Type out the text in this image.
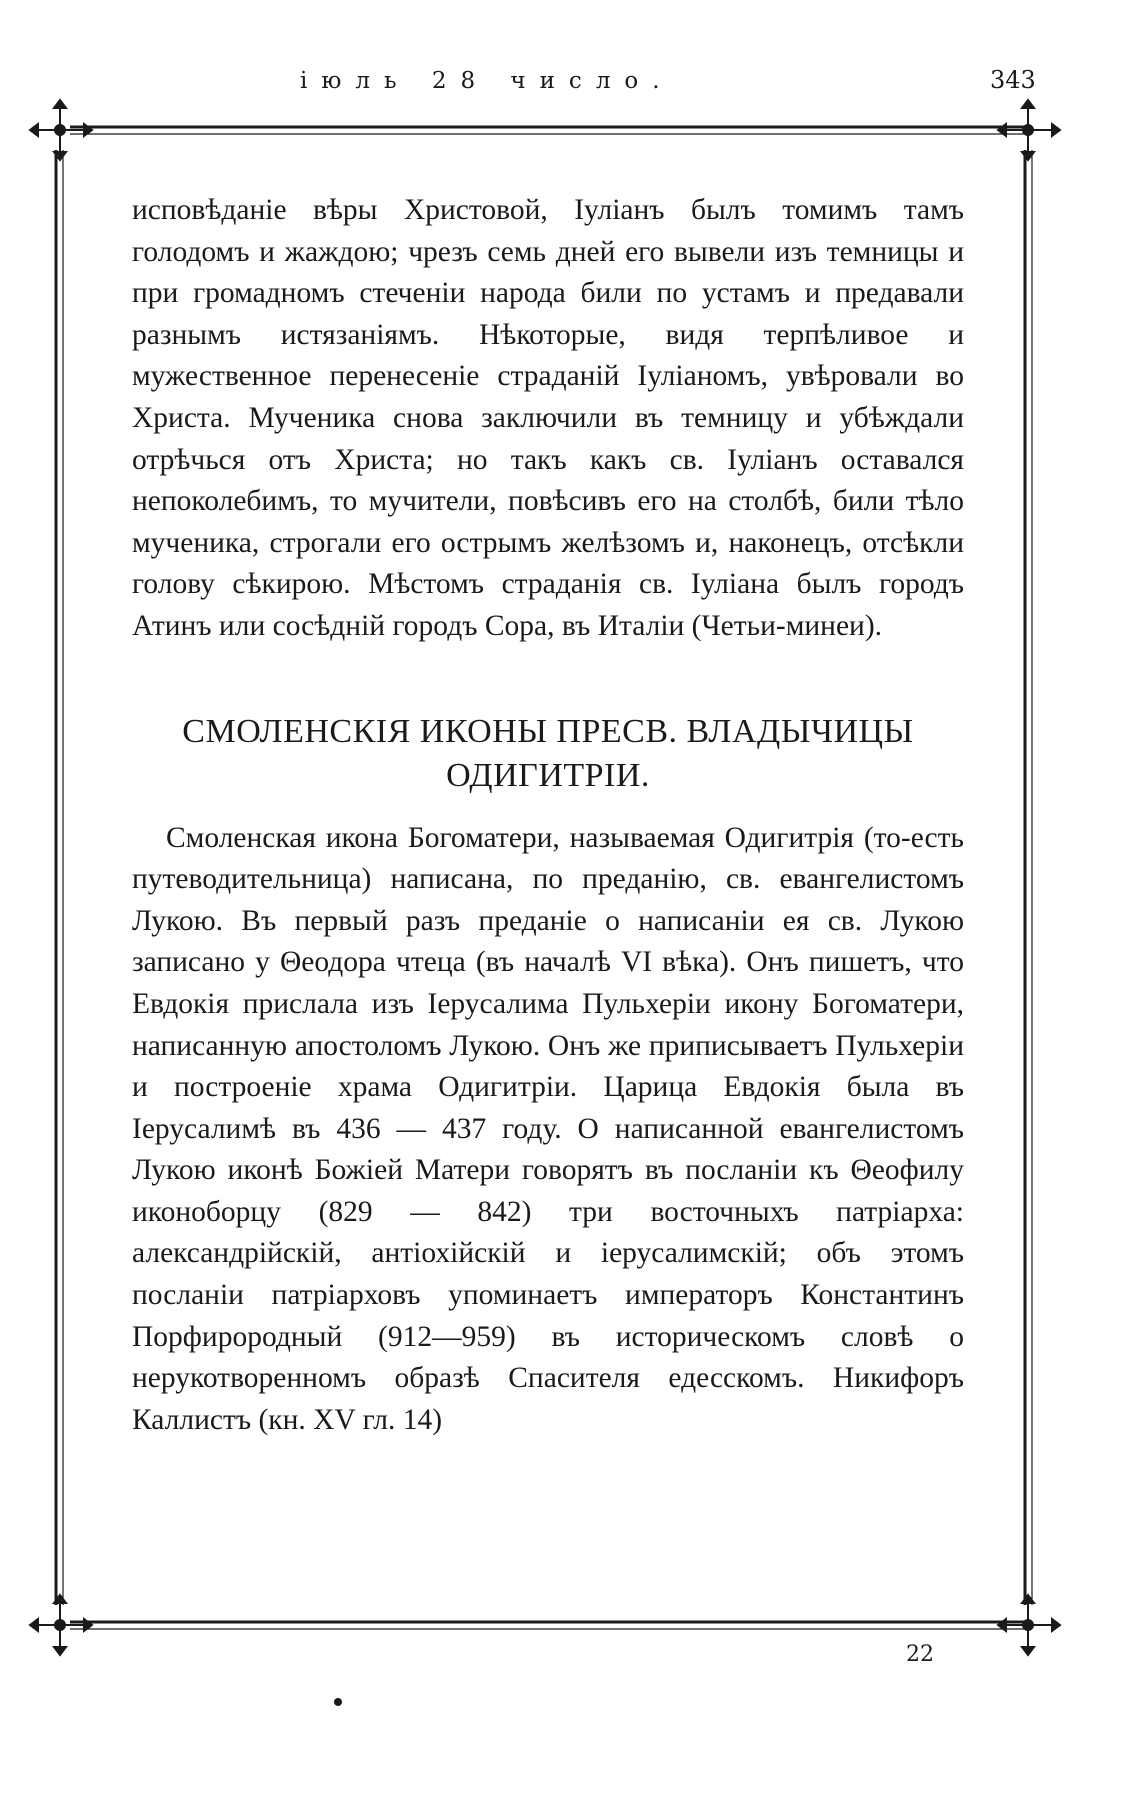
іюль 28 число.	343

исповѣданіе вѣры Христовой, Іуліанъ былъ томимъ тамъ голодомъ и жаждою; чрезъ семь дней его вывели изъ темницы и при громадномъ стеченіи народа били по устамъ и предавали разнымъ истязаніямъ. Нѣкоторые, видя терпѣливое и мужественное перенесеніе страданій Іуліаномъ, увѣровали во Христа. Мученика снова заключили въ темницу и убѣждали отрѣчься отъ Христа; но такъ какъ св. Іуліанъ оставался непоколебимъ, то мучители, повѣсивъ его на столбѣ, били тѣло мученика, строгали его острымъ желѣзомъ и, наконецъ, отсѣкли голову сѣкирою. Мѣстомъ страданія св. Іуліана былъ городъ Атинъ или сосѣдній городъ Сора, въ Италіи (Четьи-минеи).

СМОЛЕНСКІЯ ИКОНЫ ПРЕСВ. ВЛАДЫЧИЦЫ
ОДИГИТРІИ.

Смоленская икона Богоматери, называемая Одигитрія (то-есть путеводительница) написана, по преданію, св. евангелистомъ Лукою. Въ первый разъ преданіе о написаніи ея св. Лукою записано у Θеодора чтеца (въ началѣ VI вѣка). Онъ пишетъ, что Евдокія прислала изъ Іерусалима Пульхеріи икону Богоматери, написанную апостоломъ Лукою. Онъ же приписываетъ Пульхеріи и построеніе храма Одигитріи. Царица Евдокія была въ Іерусалимѣ въ 436 — 437 году. О написанной евангелистомъ Лукою иконѣ Божіей Матери говорятъ въ посланіи къ Θеофилу иконоборцу (829 — 842) три восточныхъ патріарха: александрійскій, антіохійскій и іерусалимскій; объ этомъ посланіи патріарховъ упоминаетъ императоръ Константинъ Порфирородный (912—959) въ историческомъ словѣ о нерукотворенномъ образѣ Спасителя едесскомъ. Никифоръ Каллистъ (кн. XV гл. 14)

22
